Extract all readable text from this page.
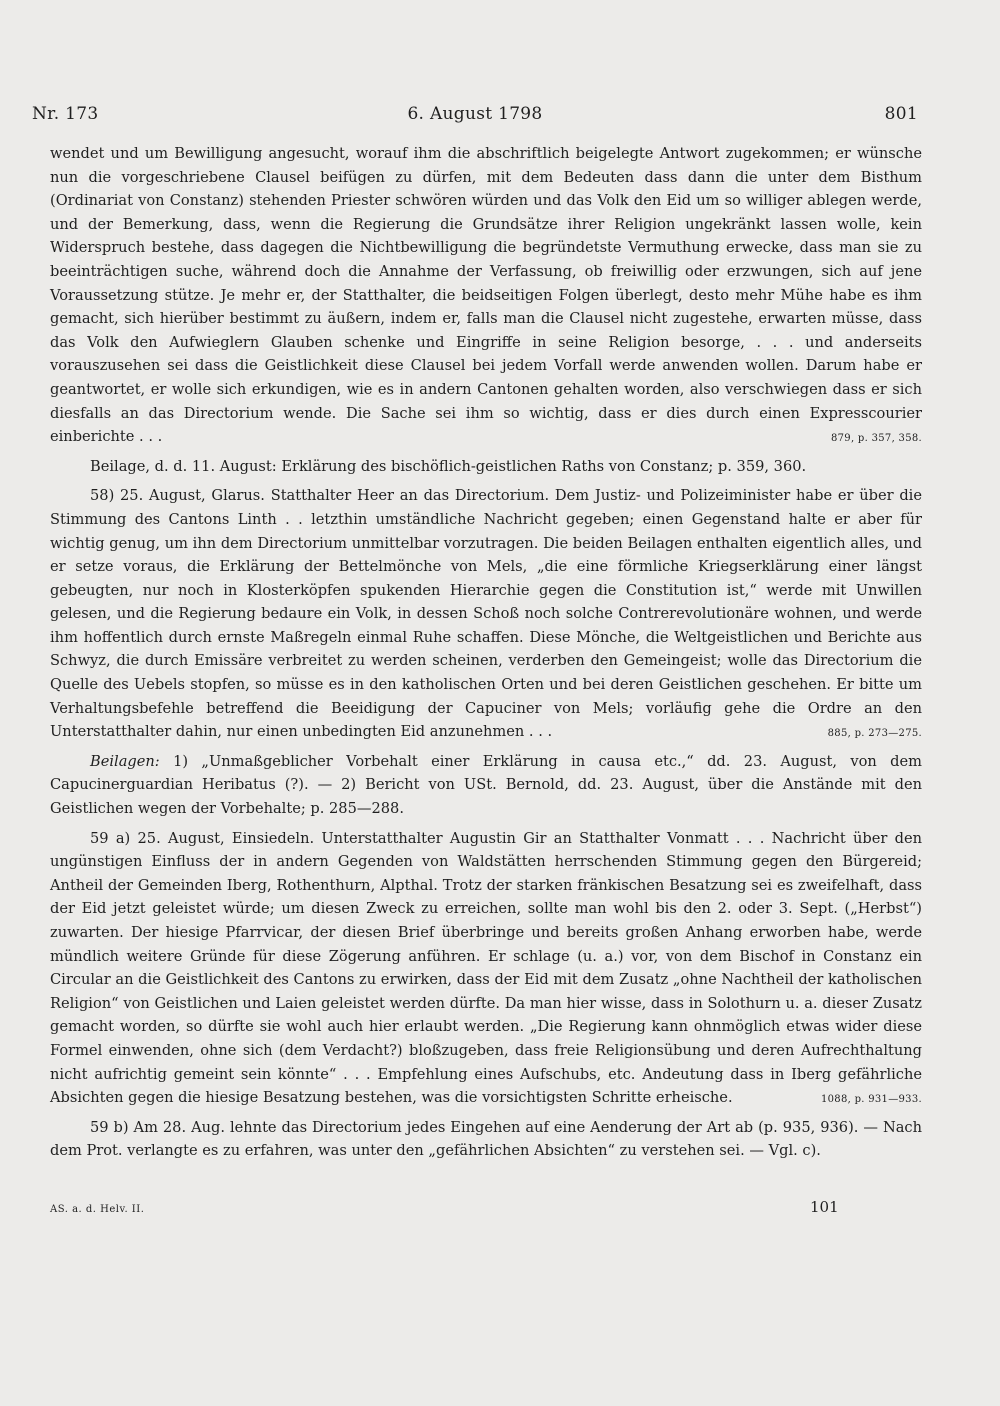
Nr. 173	6. August 1798	801

wendet und um Bewilligung angesucht, worauf ihm die abschriftlich beigelegte Antwort zugekommen; er wünsche nun die vorgeschriebene Clausel beifügen zu dürfen, mit dem Bedeuten dass dann die unter dem Bisthum (Ordinariat von Constanz) stehenden Priester schwören würden und das Volk den Eid um so williger ablegen werde, und der Bemerkung, dass, wenn die Regierung die Grundsätze ihrer Religion ungekränkt lassen wolle, kein Widerspruch bestehe, dass dagegen die Nichtbewilligung die begründetste Vermuthung erwecke, dass man sie zu beeinträchtigen suche, während doch die Annahme der Verfassung, ob freiwillig oder erzwungen, sich auf jene Voraussetzung stütze. Je mehr er, der Statthalter, die beidseitigen Folgen überlegt, desto mehr Mühe habe es ihm gemacht, sich hierüber bestimmt zu äußern, indem er, falls man die Clausel nicht zugestehe, erwarten müsse, dass das Volk den Aufwieglern Glauben schenke und Eingriffe in seine Religion besorge, . . . und anderseits vorauszusehen sei dass die Geistlichkeit diese Clausel bei jedem Vorfall werde anwenden wollen. Darum habe er geantwortet, er wolle sich erkundigen, wie es in andern Cantonen gehalten worden, also verschwiegen dass er sich diesfalls an das Directorium wende. Die Sache sei ihm so wichtig, dass er dies durch einen Expresscourier einberichte . . .	879, p. 357, 358.

Beilage, d. d. 11. August: Erklärung des bischöflich-geistlichen Raths von Constanz; p. 359, 360.

58) 25. August, Glarus. Statthalter Heer an das Directorium. Dem Justiz- und Polizeiminister habe er über die Stimmung des Cantons Linth . . letzthin umständliche Nachricht gegeben; einen Gegenstand halte er aber für wichtig genug, um ihn dem Directorium unmittelbar vorzutragen. Die beiden Beilagen enthalten eigentlich alles, und er setze voraus, die Erklärung der Bettelmönche von Mels, „die eine förmliche Kriegserklärung einer längst gebeugten, nur noch in Klosterköpfen spukenden Hierarchie gegen die Constitution ist,“ werde mit Unwillen gelesen, und die Regierung bedaure ein Volk, in dessen Schoß noch solche Contrerevolutionäre wohnen, und werde ihm hoffentlich durch ernste Maßregeln einmal Ruhe schaffen. Diese Mönche, die Weltgeistlichen und Berichte aus Schwyz, die durch Emissäre verbreitet zu werden scheinen, verderben den Gemeingeist; wolle das Directorium die Quelle des Uebels stopfen, so müsse es in den katholischen Orten und bei deren Geistlichen geschehen. Er bitte um Verhaltungsbefehle betreffend die Beeidigung der Capuciner von Mels; vorläufig gehe die Ordre an den Unterstatthalter dahin, nur einen unbedingten Eid anzunehmen . . .	885, p. 273—275.

Beilagen: 1) „Unmaßgeblicher Vorbehalt einer Erklärung in causa etc.,“ dd. 23. August, von dem Capucinerguardian Heribatus (?). — 2) Bericht von USt. Bernold, dd. 23. August, über die Anstände mit den Geistlichen wegen der Vorbehalte; p. 285—288.

59 a) 25. August, Einsiedeln. Unterstatthalter Augustin Gir an Statthalter Vonmatt . . . Nachricht über den ungünstigen Einfluss der in andern Gegenden von Waldstätten herrschenden Stimmung gegen den Bürgereid; Antheil der Gemeinden Iberg, Rothenthurn, Alpthal. Trotz der starken fränkischen Besatzung sei es zweifelhaft, dass der Eid jetzt geleistet würde; um diesen Zweck zu erreichen, sollte man wohl bis den 2. oder 3. Sept. („Herbst“) zuwarten. Der hiesige Pfarrvicar, der diesen Brief überbringe und bereits großen Anhang erworben habe, werde mündlich weitere Gründe für diese Zögerung anführen. Er schlage (u. a.) vor, von dem Bischof in Constanz ein Circular an die Geistlichkeit des Cantons zu erwirken, dass der Eid mit dem Zusatz „ohne Nachtheil der katholischen Religion“ von Geistlichen und Laien geleistet werden dürfte. Da man hier wisse, dass in Solothurn u. a. dieser Zusatz gemacht worden, so dürfte sie wohl auch hier erlaubt werden. „Die Regierung kann ohnmöglich etwas wider diese Formel einwenden, ohne sich (dem Verdacht?) bloßzugeben, dass freie Religionsübung und deren Aufrechthaltung nicht aufrichtig gemeint sein könnte“ . . . Empfehlung eines Aufschubs, etc. Andeutung dass in Iberg gefährliche Absichten gegen die hiesige Besatzung bestehen, was die vorsichtigsten Schritte erheische.	1088, p. 931—933.

59 b) Am 28. Aug. lehnte das Directorium jedes Eingehen auf eine Aenderung der Art ab (p. 935, 936). — Nach dem Prot. verlangte es zu erfahren, was unter den „gefährlichen Absichten“ zu verstehen sei. — Vgl. c).

AS. a. d. Helv. II.	101
